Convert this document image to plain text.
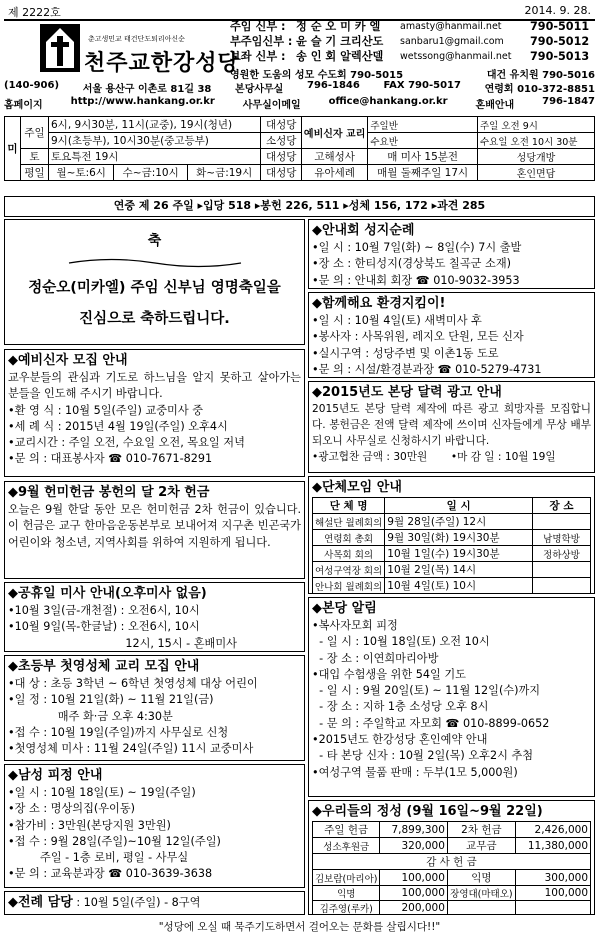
제 2222호	2014. 9. 28.
춘고생민교 태건단도퇴리아신순
천주교한강성당
주임 신부 : 정 순 오 미 카 엘	amasty@hanmail.net	790-5011
부주임신부 : 윤 슬 기 크리산도	sanbaru1@gmail.com	790-5012
보좌 신부 : 송 인 회 알렉산델	wetssong@hanmail.net	790-5013
영원한 도움의 성모 수도회 790-5015	대건 유치원 790-5016
(140-906) 서울 용산구 이촌로 81길 38 본당사무실 796-1846 FAX 790-5017 연령회 010-372-8851
홈페이지	http://www.hankang.or.kr	사무실이메일	office@hankang.or.kr	혼배안내	796-1847
미	주일	6시, 9시30분, 11시(교중), 19시(청년)			대성당	예비신자 교리	주일반	주일 오전 9시
		9시(초등부), 10시30분(중고등부)			소성당		수요반	수요일 오전 10시 30분
	토	토요특전 19시			대성당	고해성사	매 미사 15분전	성당개방
	평일	월~토:6시	수~금:10시	화~금:19시	대성당	유아세례	매월 둘째주일 17시	혼인면담
연중 제 26 주일 ▸입당 518 ▸봉헌 226, 511 ▸성체 156, 172 ▸과견 285
축
정순오(미카엘) 주임 신부님 영명축일을
진심으로 축하드립니다.
◆예비신자 모집 안내
교우분들의 관심과 기도로 하느님을 알지 못하고 살아가는 분들을 인도해 주시기 바랍니다.
•환 영 식 : 10월 5일(주일) 교중미사 중
•세 례 식 : 2015년 4월 19일(주일) 오후4시
•교리시간 : 주일 오전, 수요일 오전, 목요일 저녁
•문 의 : 대표봉사자 ☎ 010-7671-8291
◆9월 헌미헌금 봉헌의 달 2차 헌금
오늘은 9월 한달 동안 모은 헌미헌금 2차 헌금이 있습니다. 이 헌금은 교구 한마음운동본부로 보내어져 지구촌 빈곤국가 어린이와 청소년, 지역사회를 위하여 지원하게 됩니다.
◆공휴일 미사 안내(오후미사 없음)
•10월 3일(금-개천절) : 오전6시, 10시
•10월 9일(목-한글날) : 오전6시, 10시
12시, 15시 - 혼배미사
◆초등부 첫영성체 교리 모집 안내
•대 상 : 초등 3학년 ~ 6학년 첫영성체 대상 어린이
•일 정 : 10월 21일(화) ~ 11월 21일(금)
매주 화·금 오후 4:30분
•접 수 : 10월 19일(주일)까지 사무실로 신청
•첫영성체 미사 : 11월 24일(주일) 11시 교중미사
◆남성 피정 안내
•일 시 : 10월 18일(토) ~ 19일(주일)
•장 소 : 명상의집(우이동)
•참가비 : 3만원(본당지원 3만원)
•접 수 : 9월 28일(주일)~10월 12일(주일)
주일 - 1층 로비, 평일 - 사무실
•문 의 : 교육분과장 ☎ 010-3639-3638
◆전례 담당 : 10월 5일(주일) - 8구역
◆안내회 성지순례
•일 시 : 10월 7일(화) ~ 8일(수) 7시 출발
•장 소 : 한티성지(경상북도 칠곡군 소재)
•문 의 : 안내회 회장 ☎ 010-9032-3953
◆함께해요 환경지킴이!
•일 시 : 10월 4일(토) 새벽미사 후
•봉사자 : 사목위원, 레지오 단원, 모든 신자
•실시구역 : 성당주변 및 이촌1동 도로
•문 의 : 시설/환경분과장 ☎ 010-5279-4731
◆2015년도 본당 달력 광고 안내
2015년도 본당 달력 제작에 따른 광고 희망자를 모집합니다. 봉헌금은 전액 달력 제작에 쓰이며 신자들에게 무상 배부되오니 사무실로 신청하시기 바랍니다.
•광고협찬 금액 : 30만원       •마 감 일 : 10월 19일
◆단체모임 안내
단 체 명	일 시	장 소
해설단 월례회의	9월 28일(주일) 12시	
연령회 총회	9월 30일(화) 19시30분	남명학방
사목회 회의	10월 1일(수) 19시30분	정하상방
여성구역장 회의	10월 2일(목) 14시	
안나회 월례회의	10월 4일(토) 10시	

◆본당 알림
•복사자모회 피정
- 일 시 : 10월 18일(토) 오전 10시
- 장 소 : 이연희마리아방
•대입 수험생을 위한 54일 기도
- 일 시 : 9월 20일(토) ~ 11월 12일(수)까지
- 장 소 : 지하 1층 소성당 오후 8시
- 문 의 : 주일학교 자모회 ☎ 010-8899-0652
•2015년도 한강성당 혼인예약 안내
- 타 본당 신자 : 10월 2일(목) 오후2시 추첨
•여성구역 물품 판매 : 두부(1모 5,000원)
◆우리들의 정성 (9월 16일~9월 22일)
주일 헌금	7,899,300	2차 헌금	2,426,000
성소후원금	320,000	교무금	11,380,000
감 사 헌 금			
김보람(마리아)	100,000	익명	300,000
익명	100,000	장영대(마태오)	100,000
김주영(루카)	200,000		
"성당에 오실 때 묵주기도하면서 걸어오는 문화를 살립시다!!"
